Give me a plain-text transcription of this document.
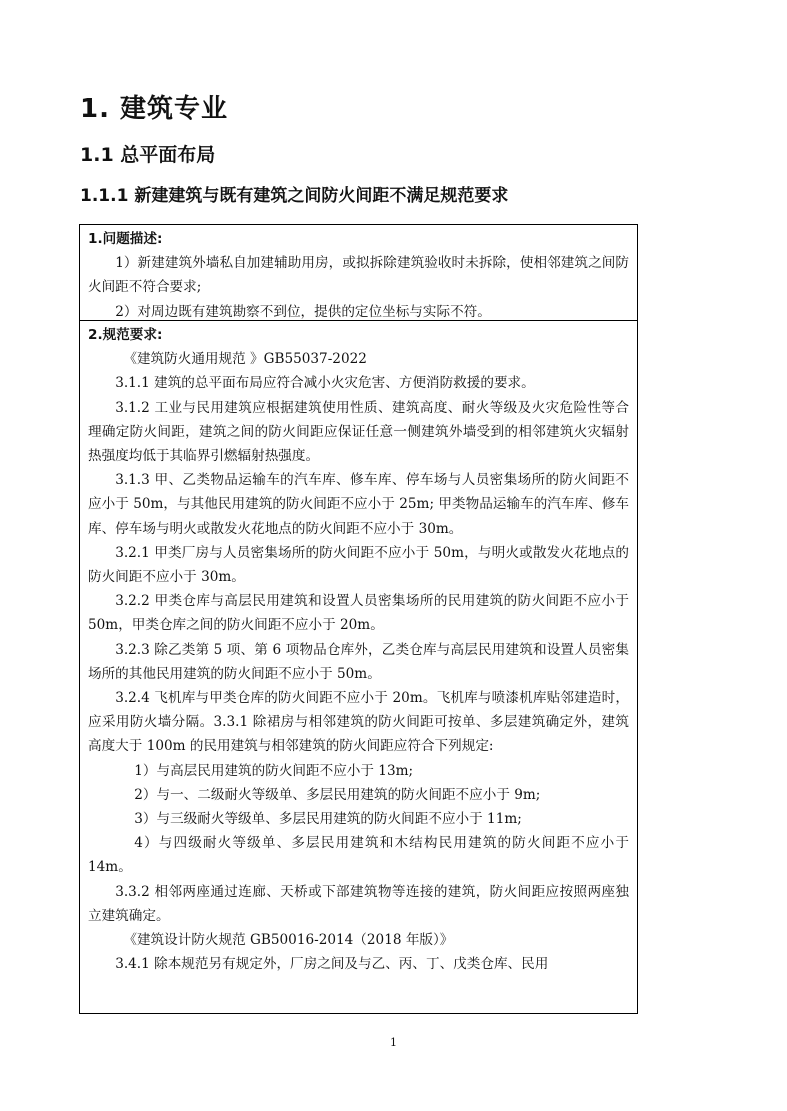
1. 建筑专业
1.1 总平面布局
1.1.1 新建建筑与既有建筑之间防火间距不满足规范要求
1.问题描述:

1）新建建筑外墙私自加建辅助用房，或拟拆除建筑验收时未拆除，使相邻建筑之间防火间距不符合要求;

2）对周边既有建筑勘察不到位，提供的定位坐标与实际不符。

2.规范要求:

《建筑防火通用规范 》GB55037-2022

3.1.1 建筑的总平面布局应符合减小火灾危害、方便消防救援的要求。

3.1.2 工业与民用建筑应根据建筑使用性质、建筑高度、耐火等级及火灾危险性等合理确定防火间距，建筑之间的防火间距应保证任意一侧建筑外墙受到的相邻建筑火灾辐射热强度均低于其临界引燃辐射热强度。

3.1.3 甲、乙类物品运输车的汽车库、修车库、停车场与人员密集场所的防火间距不应小于 50m，与其他民用建筑的防火间距不应小于 25m; 甲类物品运输车的汽车库、修车库、停车场与明火或散发火花地点的防火间距不应小于 30m。

3.2.1 甲类厂房与人员密集场所的防火间距不应小于 50m，与明火或散发火花地点的防火间距不应小于 30m。

3.2.2 甲类仓库与高层民用建筑和设置人员密集场所的民用建筑的防火间距不应小于 50m，甲类仓库之间的防火间距不应小于 20m。

3.2.3 除乙类第 5 项、第 6 项物品仓库外，乙类仓库与高层民用建筑和设置人员密集场所的其他民用建筑的防火间距不应小于 50m。

3.2.4 飞机库与甲类仓库的防火间距不应小于 20m。飞机库与喷漆机库贴邻建造时，应采用防火墙分隔。3.3.1 除裙房与相邻建筑的防火间距可按单、多层建筑确定外，建筑高度大于 100m 的民用建筑与相邻建筑的防火间距应符合下列规定:

1）与高层民用建筑的防火间距不应小于 13m;

2）与一、二级耐火等级单、多层民用建筑的防火间距不应小于 9m;

3）与三级耐火等级单、多层民用建筑的防火间距不应小于 11m;

4）与四级耐火等级单、多层民用建筑和木结构民用建筑的防火间距不应小于 14m。

3.3.2 相邻两座通过连廊、天桥或下部建筑物等连接的建筑，防火间距应按照两座独立建筑确定。

《建筑设计防火规范 GB50016-2014（2018 年版）》

3.4.1 除本规范另有规定外，厂房之间及与乙、丙、丁、戊类仓库、民用

1
